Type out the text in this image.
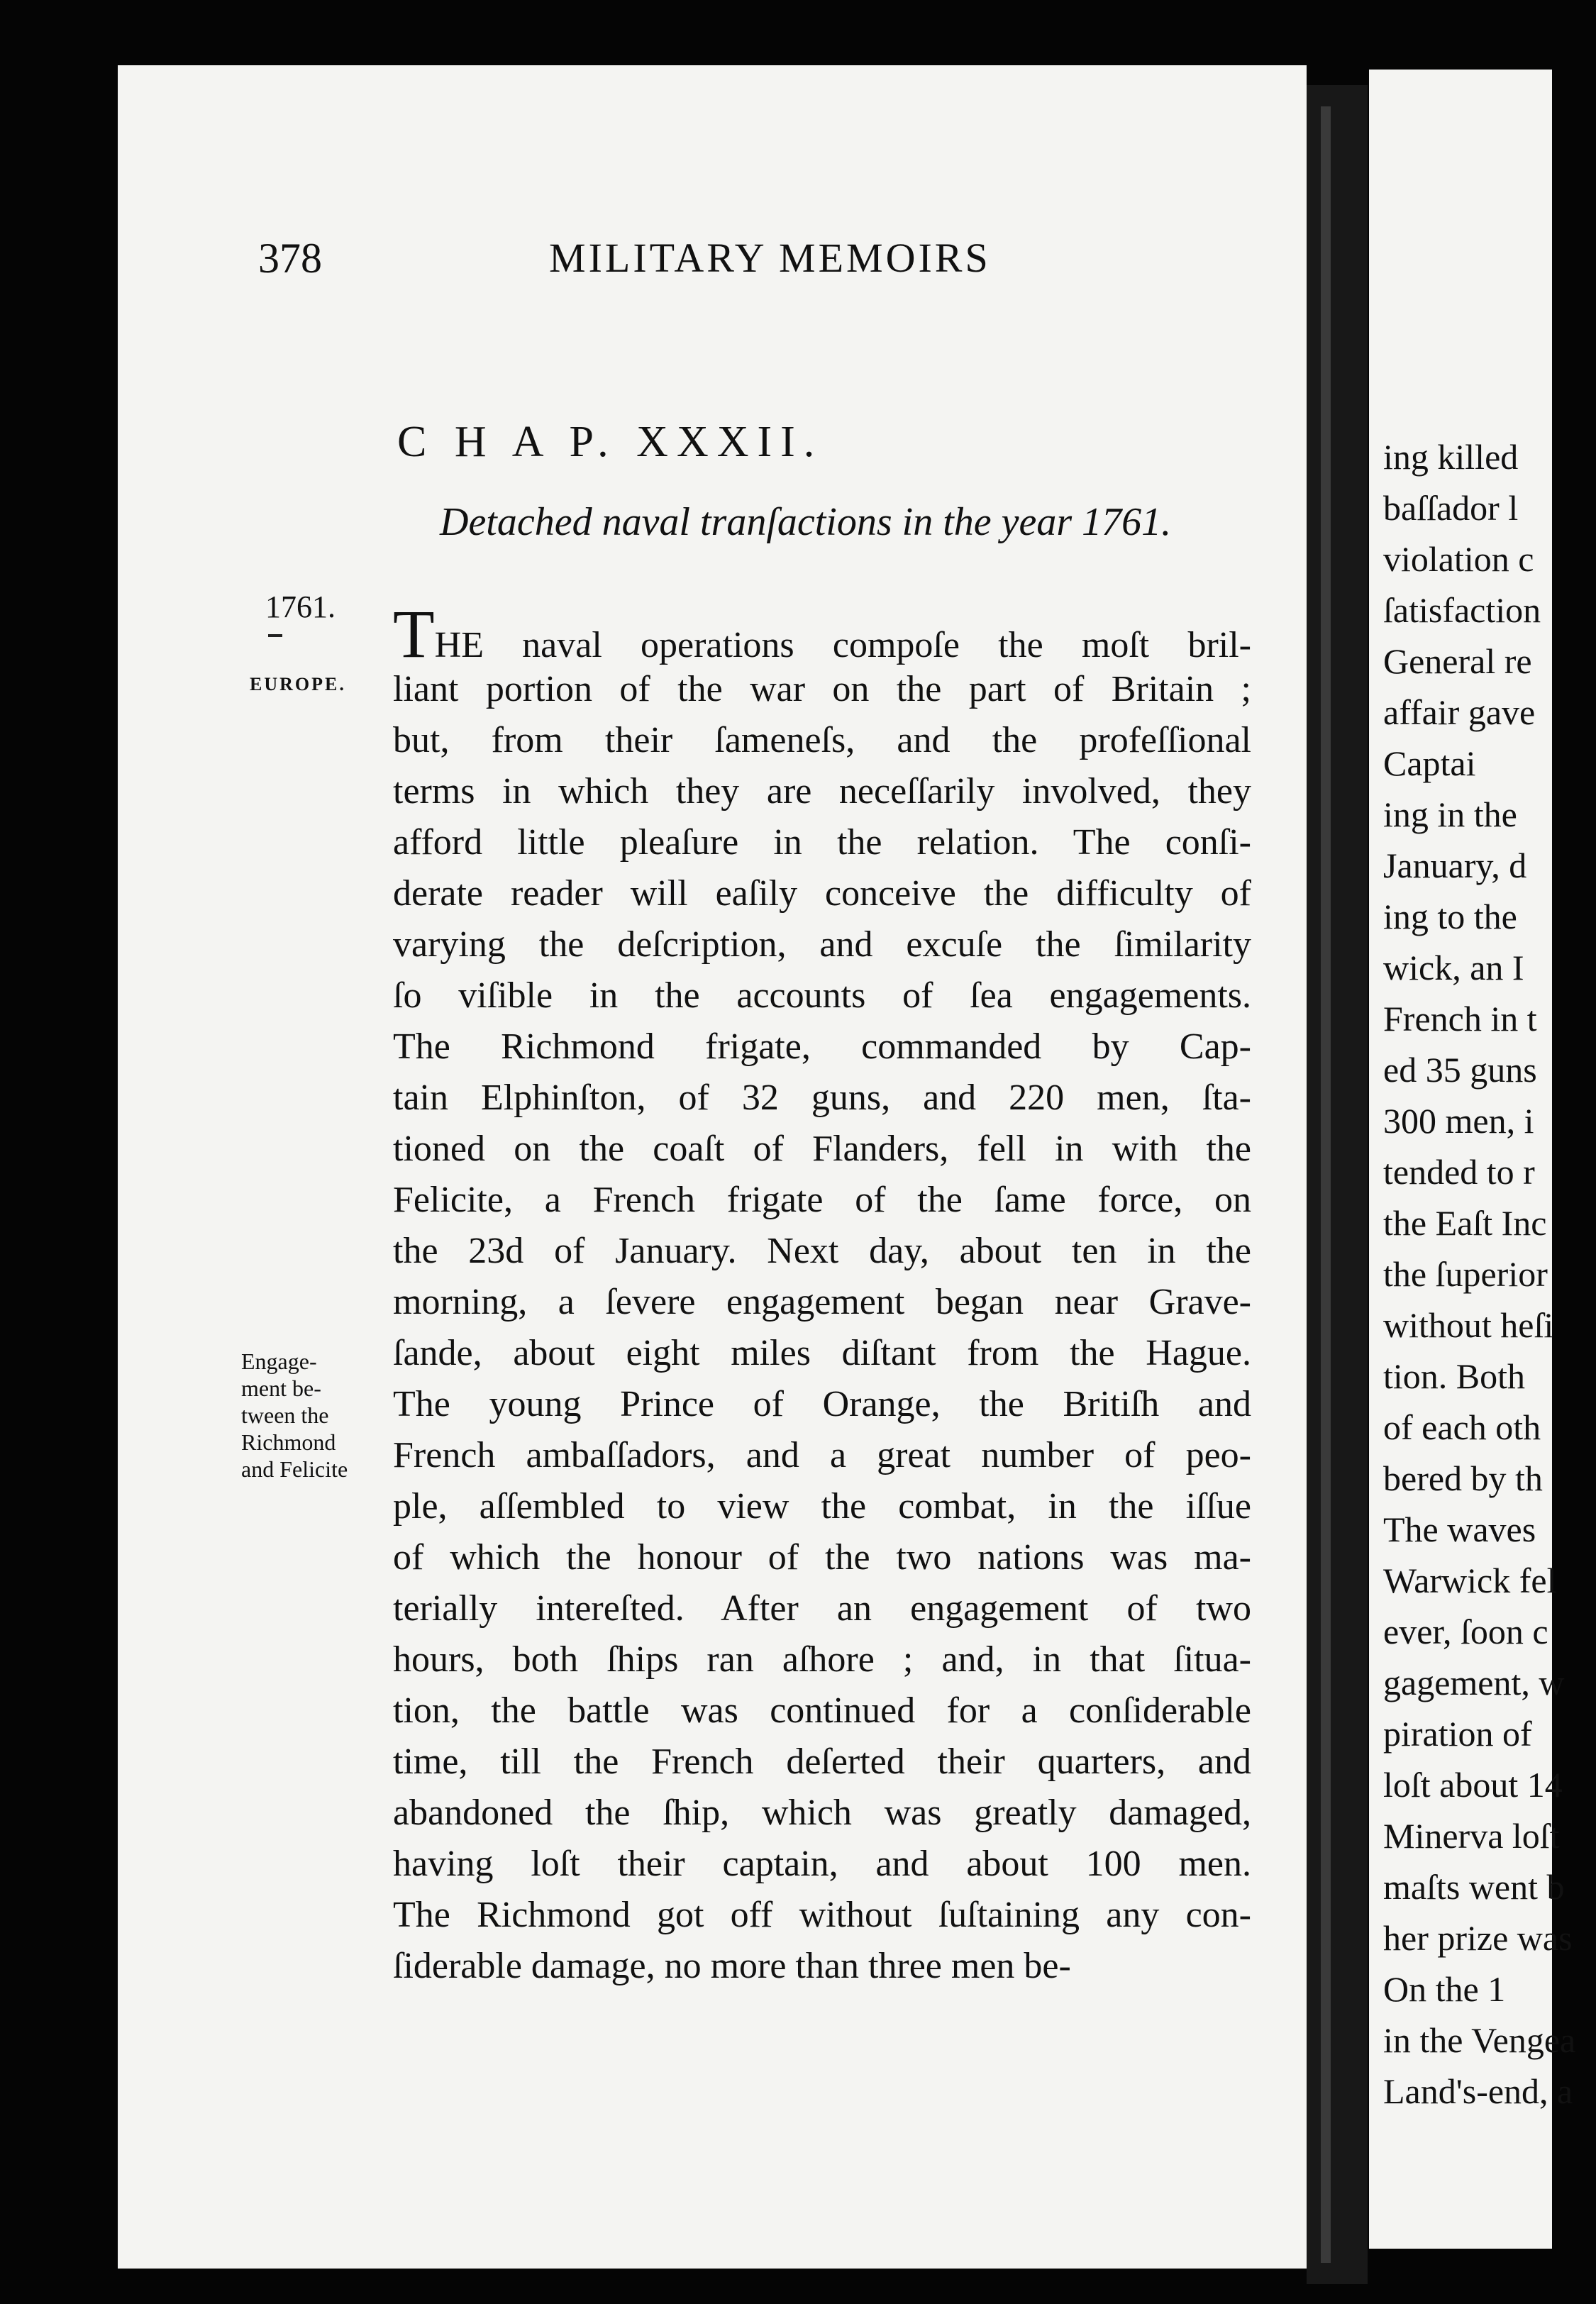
ing killed
baſſador l
violation c
ſatisfaction
General re
affair gave
Captai
ing in the
January, d
ing to the
wick, an I
French in t
ed 35 guns
300 men, i
tended to r
the Eaſt Inc
the ſuperior
without heſi
tion. Both
of each oth
bered by th
The waves
Warwick fel
ever, ſoon c
gagement, w
piration of
loſt about 14
Minerva loſt
maſts went b
her prize was
On the 1
in the Vengea
Land's-end, a
378	MILITARY MEMOIRS
C H A P. XXXII.
Detached naval tranſactions in the year 1761.
1761.
EUROPE.
Engage-
ment be-
tween the
Richmond
and Felicite
THE naval operations compoſe the moſt bril-
liant portion of the war on the part of Britain ;
but, from their ſameneſs, and the profeſſional
terms in which they are neceſſarily involved, they
afford little pleaſure in the relation. The conſi-
derate reader will eaſily conceive the difficulty of
varying the deſcription, and excuſe the ſimilarity
ſo viſible in the accounts of ſea engagements.
The Richmond frigate, commanded by Cap-
tain Elphinſton, of 32 guns, and 220 men, ſta-
tioned on the coaſt of Flanders, fell in with the
Felicite, a French frigate of the ſame force, on
the 23d of January. Next day, about ten in the
morning, a ſevere engagement began near Grave-
ſande, about eight miles diſtant from the Hague.
The young Prince of Orange, the Britiſh and
French ambaſſadors, and a great number of peo-
ple, aſſembled to view the combat, in the iſſue
of which the honour of the two nations was ma-
terially intereſted. After an engagement of two
hours, both ſhips ran aſhore ; and, in that ſitua-
tion, the battle was continued for a conſiderable
time, till the French deſerted their quarters, and
abandoned the ſhip, which was greatly damaged,
having loſt their captain, and about 100 men.
The Richmond got off without ſuſtaining any con-
ſiderable damage, no more than three men be-
